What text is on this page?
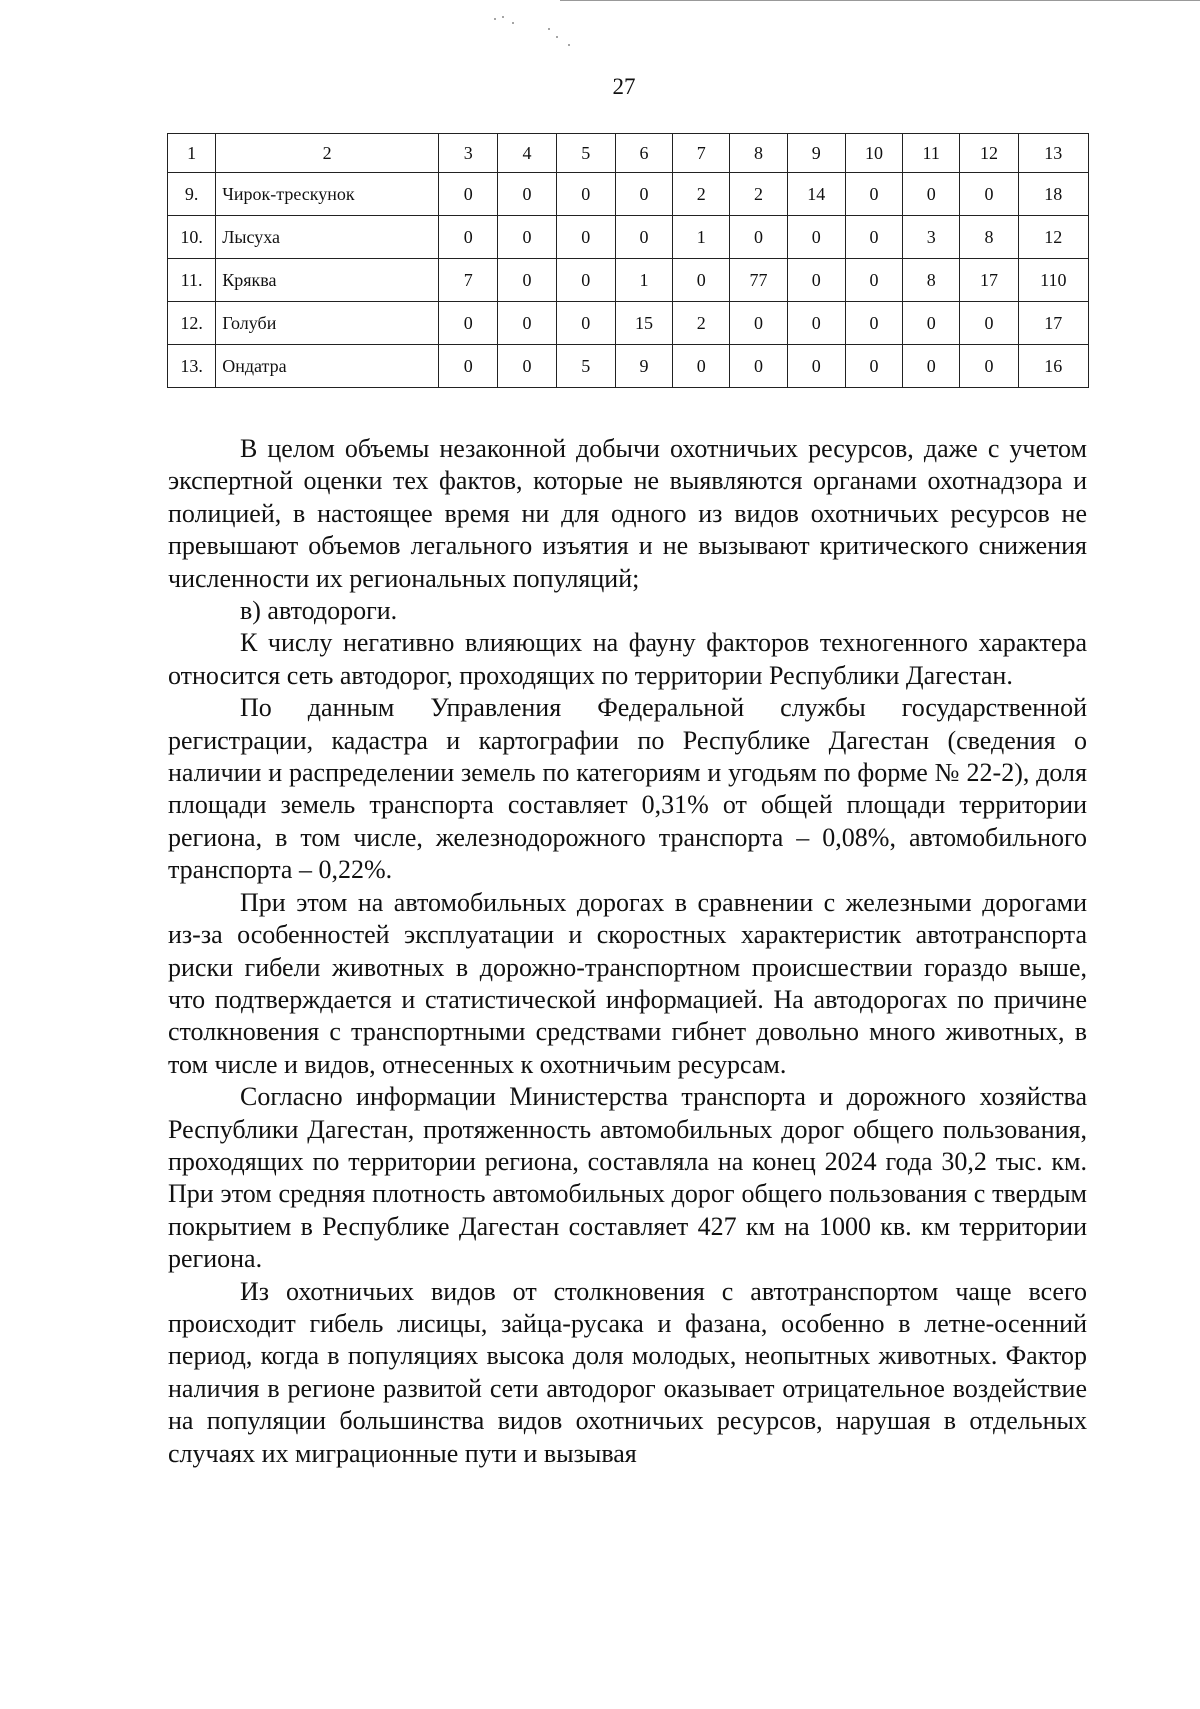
27
1	2	3	4	5	6	7	8	9	10	11	12	13
9.	Чирок-трескунок	0	0	0	0	2	2	14	0	0	0	18
10.	Лысуха	0	0	0	0	1	0	0	0	3	8	12
11.	Кряква	7	0	0	1	0	77	0	0	8	17	110
12.	Голуби	0	0	0	15	2	0	0	0	0	0	17
13.	Ондатра	0	0	5	9	0	0	0	0	0	0	16

В целом объемы незаконной добычи охотничьих ресурсов, даже с учетом экспертной оценки тех фактов, которые не выявляются органами охотнадзора и полицией, в настоящее время ни для одного из видов охотничьих ресурсов не превышают объемов легального изъятия и не вызывают критического снижения численности их региональных популяций;

в) автодороги.

К числу негативно влияющих на фауну факторов техногенного характера относится сеть автодорог, проходящих по территории Республики Дагестан.

По данным Управления Федеральной службы государственной регистрации, кадастра и картографии по Республике Дагестан (сведения о наличии и распределении земель по категориям и угодьям по форме № 22-2), доля площади земель транспорта составляет 0,31% от общей площади территории региона, в том числе, железнодорожного транспорта – 0,08%, автомобильного транспорта – 0,22%.

При этом на автомобильных дорогах в сравнении с железными дорогами из-за особенностей эксплуатации и скоростных характеристик автотранспорта риски гибели животных в дорожно-транспортном происшествии гораздо выше, что подтверждается и статистической информацией. На автодорогах по причине столкновения с транспортными средствами гибнет довольно много животных, в том числе и видов, отнесенных к охотничьим ресурсам.

Согласно информации Министерства транспорта и дорожного хозяйства Республики Дагестан, протяженность автомобильных дорог общего пользования, проходящих по территории региона, составляла на конец 2024 года 30,2 тыс. км. При этом средняя плотность автомобильных дорог общего пользования с твердым покрытием в Республике Дагестан составляет 427 км на 1000 кв. км территории региона.

Из охотничьих видов от столкновения с автотранспортом чаще всего происходит гибель лисицы, зайца-русака и фазана, особенно в летне-осенний период, когда в популяциях высока доля молодых, неопытных животных. Фактор наличия в регионе развитой сети автодорог оказывает отрицательное воздействие на популяции большинства видов охотничьих ресурсов, нарушая в отдельных случаях их миграционные пути и вызывая
